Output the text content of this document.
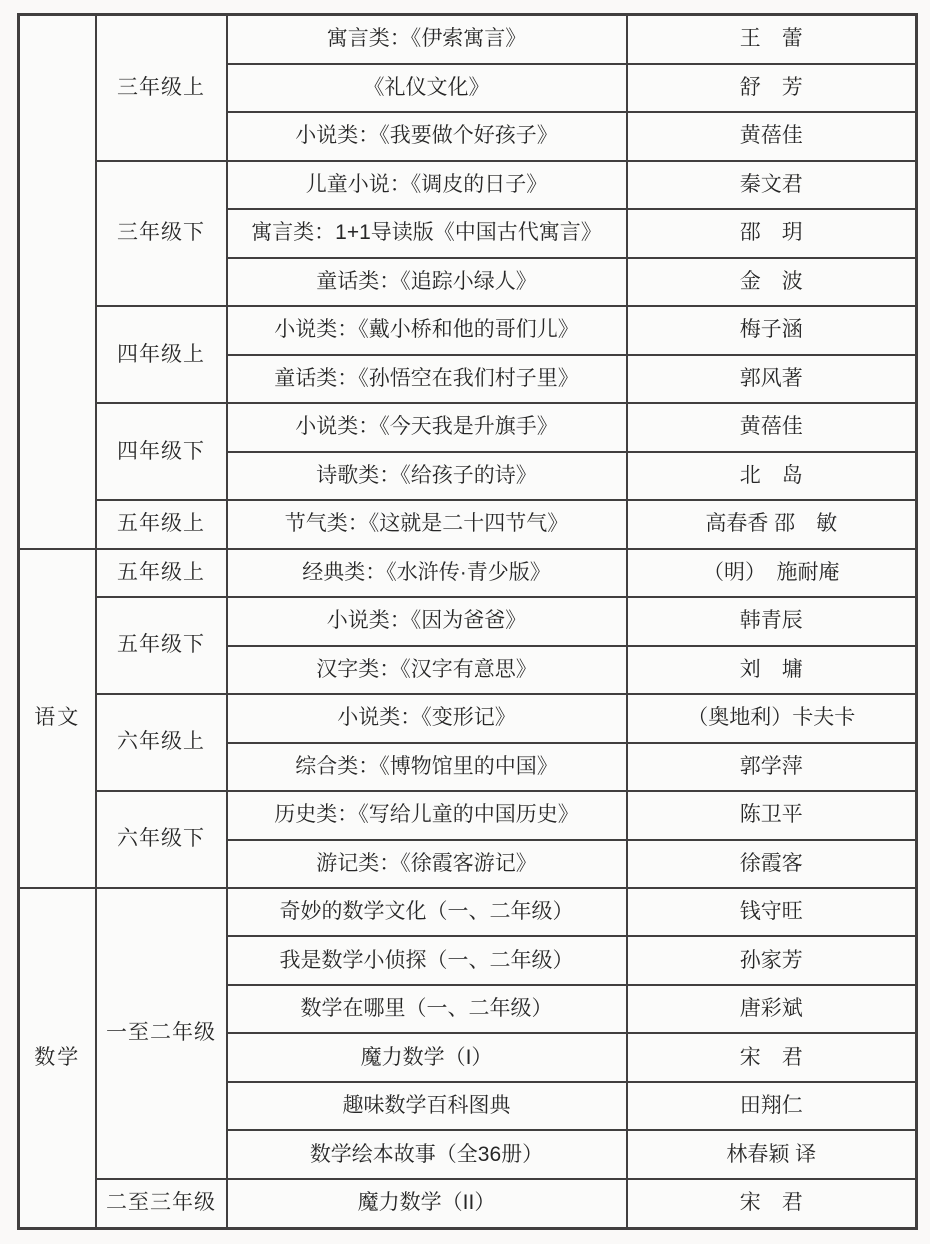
	三年级上	寓言类：《伊索寓言》	王　蕾
		《礼仪文化》	舒　芳
		小说类：《我要做个好孩子》	黄蓓佳
	三年级下	儿童小说：《调皮的日子》	秦文君
		寓言类：1+1导读版《中国古代寓言》	邵　玥
		童话类：《追踪小绿人》	金　波
	四年级上	小说类：《戴小桥和他的哥们儿》	梅子涵
		童话类：《孙悟空在我们村子里》	郭风著
	四年级下	小说类：《今天我是升旗手》	黄蓓佳
		诗歌类：《给孩子的诗》	北　岛
	五年级上	节气类：《这就是二十四节气》	高春香 邵　敏
语文	五年级上	经典类：《水浒传·青少版》	（明）　施耐庵
	五年级下	小说类：《因为爸爸》	韩青辰
		汉字类：《汉字有意思》	刘　墉
	六年级上	小说类：《变形记》	（奥地利）卡夫卡
		综合类：《博物馆里的中国》	郭学萍
	六年级下	历史类：《写给儿童的中国历史》	陈卫平
		游记类：《徐霞客游记》	徐霞客
数学	一至二年级	奇妙的数学文化（一、二年级）	钱守旺
		我是数学小侦探（一、二年级）	孙家芳
		数学在哪里（一、二年级）	唐彩斌
		魔力数学（I）	宋　君
		趣味数学百科图典	田翔仁
		数学绘本故事（全36册）	林春颖 译
	二至三年级	魔力数学（II）	宋　君
